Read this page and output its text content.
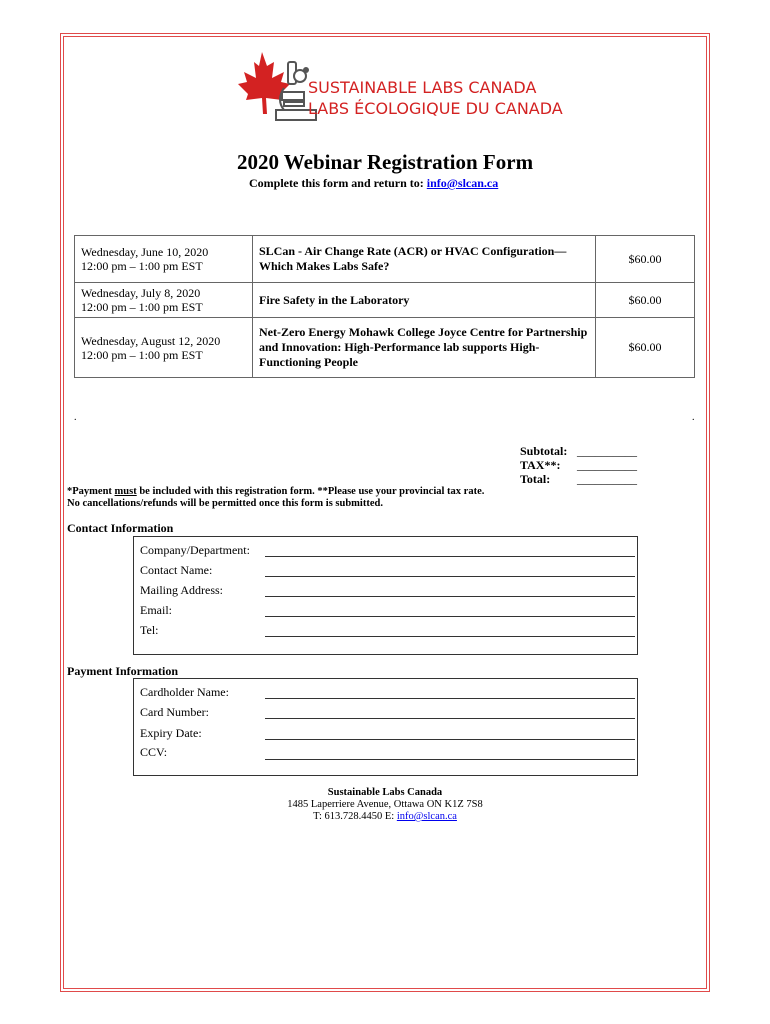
SUSTAINABLE LABS CANADA
LABS ÉCOLOGIQUE DU CANADA
2020 Webinar Registration Form
Complete this form and return to: info@slcan.ca
Wednesday, June 10, 2020
12:00 pm – 1:00 pm EST	SLCan - Air Change Rate (ACR) or HVAC Configuration— Which Makes Labs Safe?	$60.00

Wednesday, July 8, 2020
12:00 pm – 1:00 pm EST	Fire Safety in the Laboratory	$60.00

Wednesday, August 12, 2020
12:00 pm – 1:00 pm EST	Net-Zero Energy Mohawk College Joyce Centre for Partnership and Innovation: High-Performance lab supports High-Functioning People	$60.00
.	.
Subtotal: __________
TAX**: __________
Total: __________
*Payment must be included with this registration form. **Please use your provincial tax rate.
No cancellations/refunds will be permitted once this form is submitted.
Contact Information
Company/Department:
Contact Name:
Mailing Address:
Email:
Tel:
Payment Information
Cardholder Name:
Card Number:
Expiry Date:
CCV:
Sustainable Labs Canada
1485 Laperriere Avenue, Ottawa ON K1Z 7S8
T: 613.728.4450 E: info@slcan.ca
